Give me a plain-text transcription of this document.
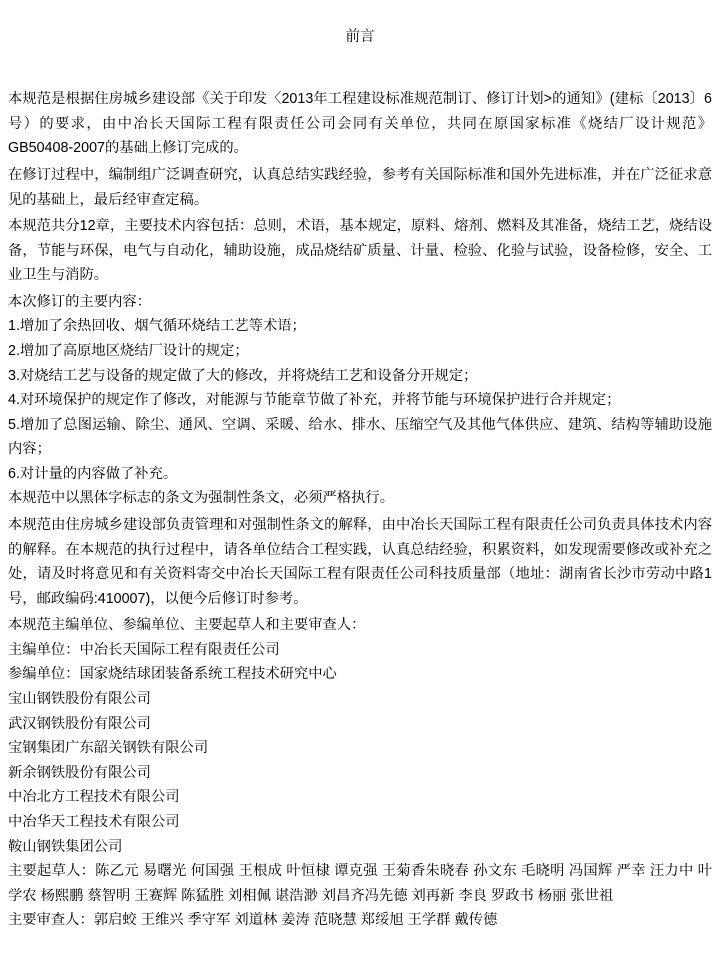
前言

本规范是根据住房城乡建设部《关于印发〈2013年工程建设标准规范制订、修订计划>的通知》(建标〔2013〕6号）的要求，由中冶长天国际工程有限责任公司会同有关单位，共同在原国家标准《烧结厂设计规范》GB50408-2007的基础上修订完成的。

在修订过程中，编制组广泛调查研究，认真总结实践经验，参考有关国际标准和国外先进标准，并在广泛征求意见的基础上，最后经审查定稿。

本规范共分12章，主要技术内容包括：总则，术语，基本规定，原料、熔剂、燃料及其准备，烧结工艺，烧结设备，节能与环保，电气与自动化，辅助设施，成品烧结矿质量、计量、检验、化验与试验，设备检修，安全、工业卫生与消防。

本次修订的主要内容：

1.增加了余热回收、烟气循环烧结工艺等术语；

2.增加了高原地区烧结厂设计的规定；

3.对烧结工艺与设备的规定做了大的修改，并将烧结工艺和设备分开规定；

4.对环境保护的规定作了修改，对能源与节能章节做了补充，并将节能与环境保护进行合并规定；

5.增加了总图运输、除尘、通风、空调、采暖、给水、排水、压缩空气及其他气体供应、建筑、结构等辅助设施内容；

6.对计量的内容做了补充。

本规范中以黑体字标志的条文为强制性条文，必须严格执行。

本规范由住房城乡建设部负责管理和对强制性条文的解释，由中冶长天国际工程有限责任公司负责具体技术内容的解释。在本规范的执行过程中，请各单位结合工程实践，认真总结经验，积累资料，如发现需要修改或补充之处，请及时将意见和有关资料寄交中冶长天国际工程有限责任公司科技质量部（地址：湖南省长沙市劳动中路1号，邮政编码:410007)，以便今后修订时参考。

本规范主编单位、参编单位、主要起草人和主要审查人：

主编单位：中冶长天国际工程有限责任公司

参编单位：国家烧结球团装备系统工程技术研究中心

宝山钢铁股份有限公司

武汉钢铁股份有限公司

宝钢集团广东韶关钢铁有限公司

新余钢铁股份有限公司

中冶北方工程技术有限公司

中冶华天工程技术有限公司

鞍山钢铁集团公司

主要起草人：陈乙元 易曙光 何国强 王根成 叶恒棣 谭克强 王菊香朱晓春 孙文东 毛晓明 冯国辉 严幸 汪力中 叶学农 杨熙鹏 蔡智明 王赛辉 陈猛胜 刘相佩 谌浩渺 刘昌齐冯先德 刘再新 李良 罗政书 杨丽 张世祖

主要审查人：郭启蛟 王维兴 季守军 刘道林 姜涛 范晓慧 郑绥旭 王学群 戴传德
